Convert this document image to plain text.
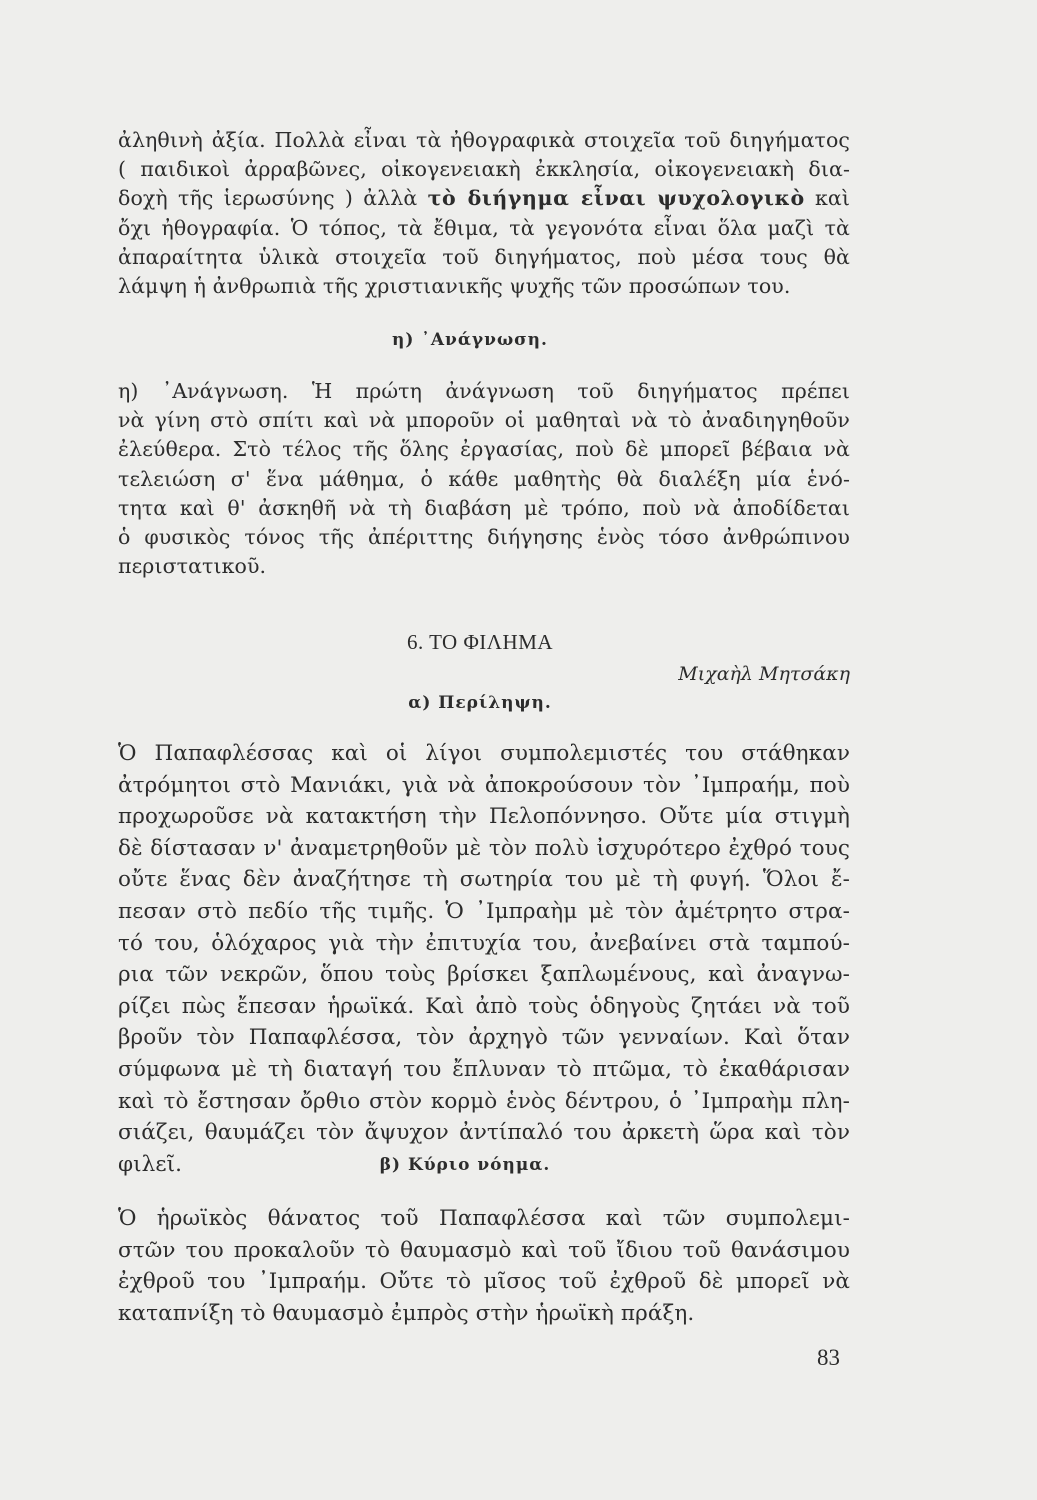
ἀληθινὴ ἀξία. Πολλὰ εἶναι τὰ ἠθογραφικὰ στοιχεῖα τοῦ διηγήματος
( παιδικοὶ ἀρραβῶνες, οἰκογενειακὴ ἐκκλησία, οἰκογενειακὴ δια-
δοχὴ τῆς ἱερωσύνης ) ἀλλὰ τὸ διήγημα εἶναι ψυχολογικὸ καὶ
ὄχι ἠθογραφία. Ὁ τόπος, τὰ ἔθιμα, τὰ γεγονότα εἶναι ὅλα μαζὶ τὰ
ἀπαραίτητα ὑλικὰ στοιχεῖα τοῦ διηγήματος, ποὺ μέσα τους θὰ
λάμψη ἡ ἀνθρωπιὰ τῆς χριστιανικῆς ψυχῆς τῶν προσώπων του.
η) ᾿Ανάγνωση.
η) ᾿Ανάγνωση. Ἡ πρώτη ἀνάγνωση τοῦ διηγήματος πρέπει
νὰ γίνη στὸ σπίτι καὶ νὰ μποροῦν οἱ μαθηταὶ νὰ τὸ ἀναδιηγηθοῦν
ἐλεύθερα. Στὸ τέλος τῆς ὅλης ἐργασίας, ποὺ δὲ μπορεῖ βέβαια νὰ
τελειώση σ' ἕνα μάθημα, ὁ κάθε μαθητὴς θὰ διαλέξη μία ἑνό-
τητα καὶ θ' ἀσκηθῆ νὰ τὴ διαβάση μὲ τρόπο, ποὺ νὰ ἀποδίδεται
ὁ φυσικὸς τόνος τῆς ἀπέριττης διήγησης ἑνὸς τόσο ἀνθρώπινου
περιστατικοῦ.
6. ΤΟ ΦΙΛΗΜΑ
Μιχαὴλ Μητσάκη
α) Περίληψη.
Ὁ Παπαφλέσσας καὶ οἱ λίγοι συμπολεμιστές του στάθηκαν
ἀτρόμητοι στὸ Μανιάκι, γιὰ νὰ ἀποκρούσουν τὸν ᾿Ιμπραήμ, ποὺ
προχωροῦσε νὰ κατακτήση τὴν Πελοπόννησο. Οὔτε μία στιγμὴ
δὲ δίστασαν ν' ἀναμετρηθοῦν μὲ τὸν πολὺ ἰσχυρότερο ἐχθρό τους
οὔτε ἕνας δὲν ἀναζήτησε τὴ σωτηρία του μὲ τὴ φυγή. Ὅλοι ἔ-
πεσαν στὸ πεδίο τῆς τιμῆς. Ὁ ᾿Ιμπραὴμ μὲ τὸν ἀμέτρητο στρα-
τό του, ὁλόχαρος γιὰ τὴν ἐπιτυχία του, ἀνεβαίνει στὰ ταμπού-
ρια τῶν νεκρῶν, ὅπου τοὺς βρίσκει ξαπλωμένους, καὶ ἀναγνω-
ρίζει πὼς ἔπεσαν ἡρωϊκά. Καὶ ἀπὸ τοὺς ὁδηγοὺς ζητάει νὰ τοῦ
βροῦν τὸν Παπαφλέσσα, τὸν ἀρχηγὸ τῶν γενναίων. Καὶ ὅταν
σύμφωνα μὲ τὴ διαταγή του ἔπλυναν τὸ πτῶμα, τὸ ἐκαθάρισαν
καὶ τὸ ἔστησαν ὄρθιο στὸν κορμὸ ἑνὸς δέντρου, ὁ ᾿Ιμπραὴμ πλη-
σιάζει, θαυμάζει τὸν ἄψυχον ἀντίπαλό του ἀρκετὴ ὥρα καὶ τὸν
φιλεῖ.	β) Κύριο νόημα.
Ὁ ἡρωϊκὸς θάνατος τοῦ Παπαφλέσσα καὶ τῶν συμπολεμι-
στῶν του προκαλοῦν τὸ θαυμασμὸ καὶ τοῦ ἴδιου τοῦ θανάσιμου
ἐχθροῦ του ᾿Ιμπραήμ. Οὔτε τὸ μῖσος τοῦ ἐχθροῦ δὲ μπορεῖ νὰ
καταπνίξη τὸ θαυμασμὸ ἐμπρὸς στὴν ἡρωϊκὴ πράξη.
83
